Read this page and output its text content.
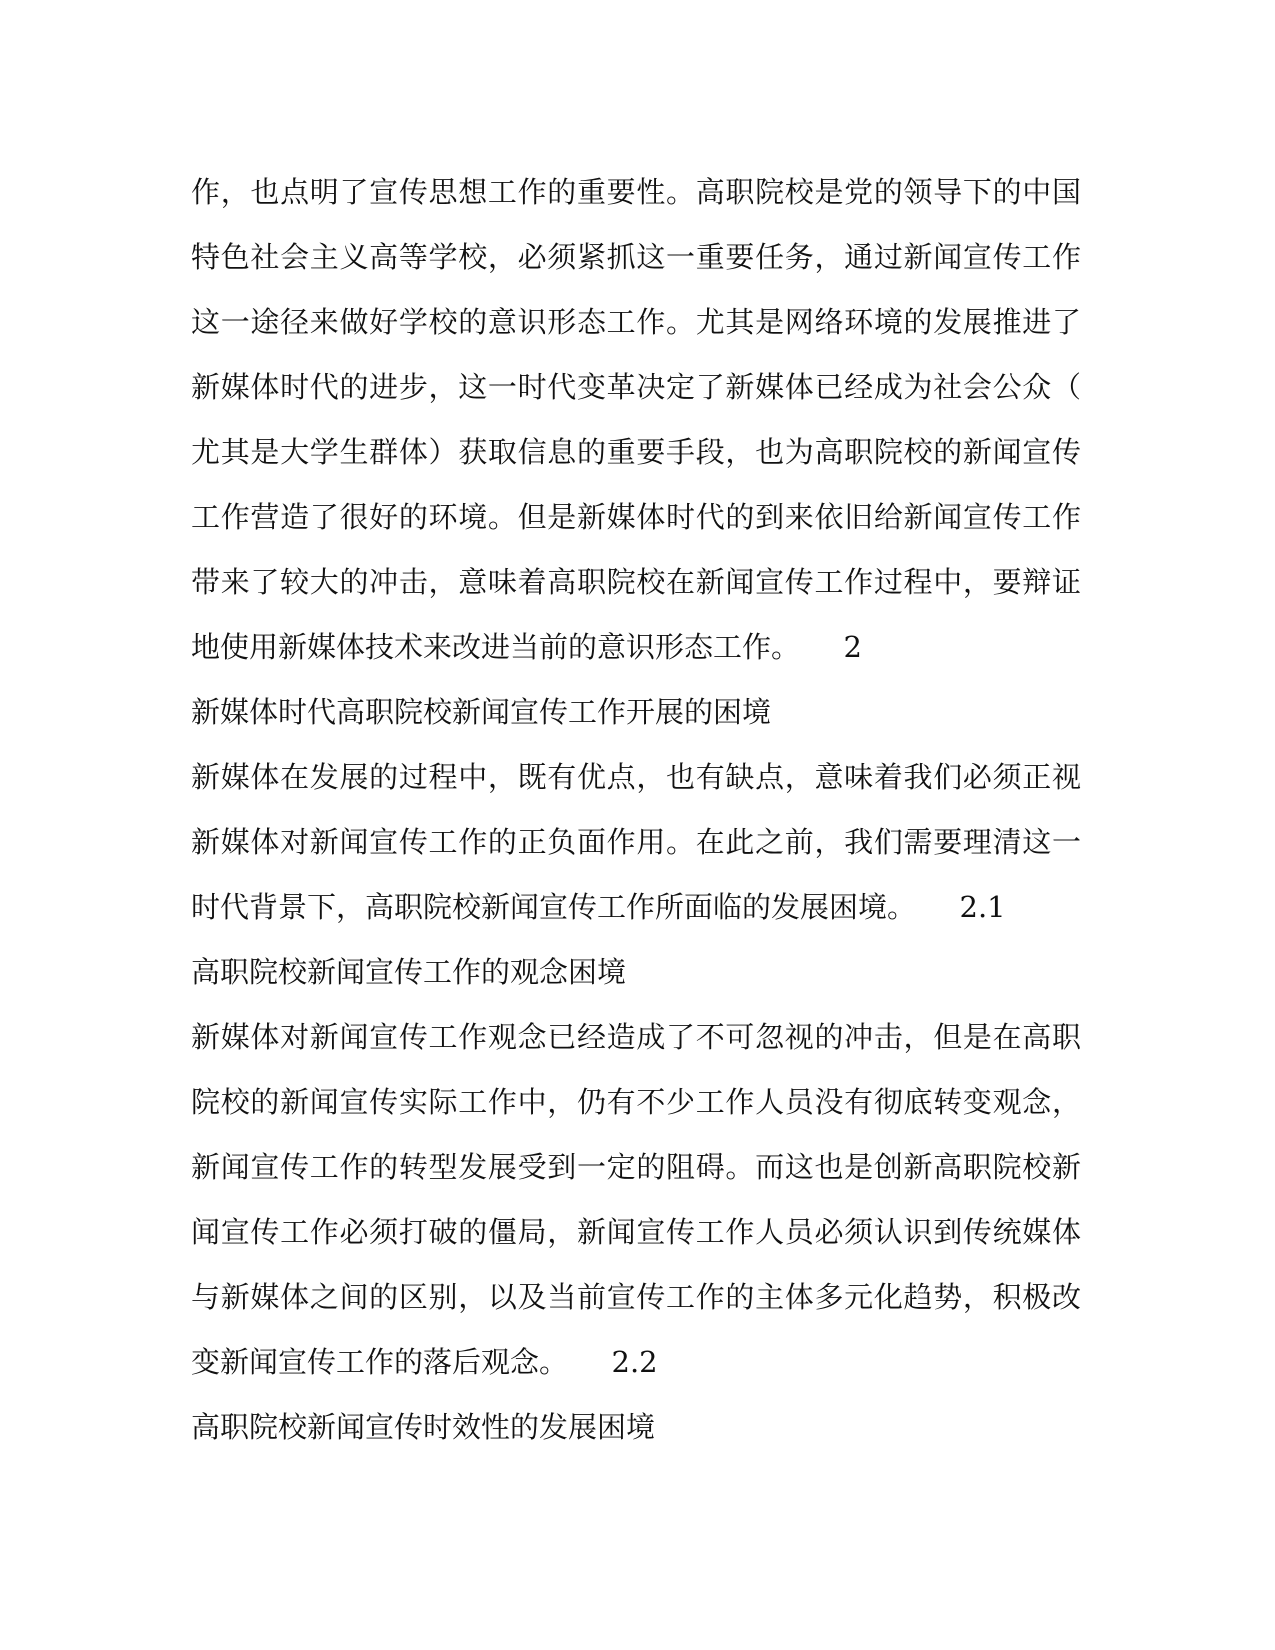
作，也点明了宣传思想工作的重要性。高职院校是党的领导下的中国
特色社会主义高等学校，必须紧抓这一重要任务，通过新闻宣传工作
这一途径来做好学校的意识形态工作。尤其是网络环境的发展推进了
新媒体时代的进步，这一时代变革决定了新媒体已经成为社会公众（
尤其是大学生群体）获取信息的重要手段，也为高职院校的新闻宣传
工作营造了很好的环境。但是新媒体时代的到来依旧给新闻宣传工作
带来了较大的冲击，意味着高职院校在新闻宣传工作过程中，要辩证
地使用新媒体技术来改进当前的意识形态工作。　　2
新媒体时代高职院校新闻宣传工作开展的困境
新媒体在发展的过程中，既有优点，也有缺点，意味着我们必须正视
新媒体对新闻宣传工作的正负面作用。在此之前，我们需要理清这一
时代背景下，高职院校新闻宣传工作所面临的发展困境。　　2.1
高职院校新闻宣传工作的观念困境
新媒体对新闻宣传工作观念已经造成了不可忽视的冲击，但是在高职
院校的新闻宣传实际工作中，仍有不少工作人员没有彻底转变观念，
新闻宣传工作的转型发展受到一定的阻碍。而这也是创新高职院校新
闻宣传工作必须打破的僵局，新闻宣传工作人员必须认识到传统媒体
与新媒体之间的区别，以及当前宣传工作的主体多元化趋势，积极改
变新闻宣传工作的落后观念。　　2.2
高职院校新闻宣传时效性的发展困境
